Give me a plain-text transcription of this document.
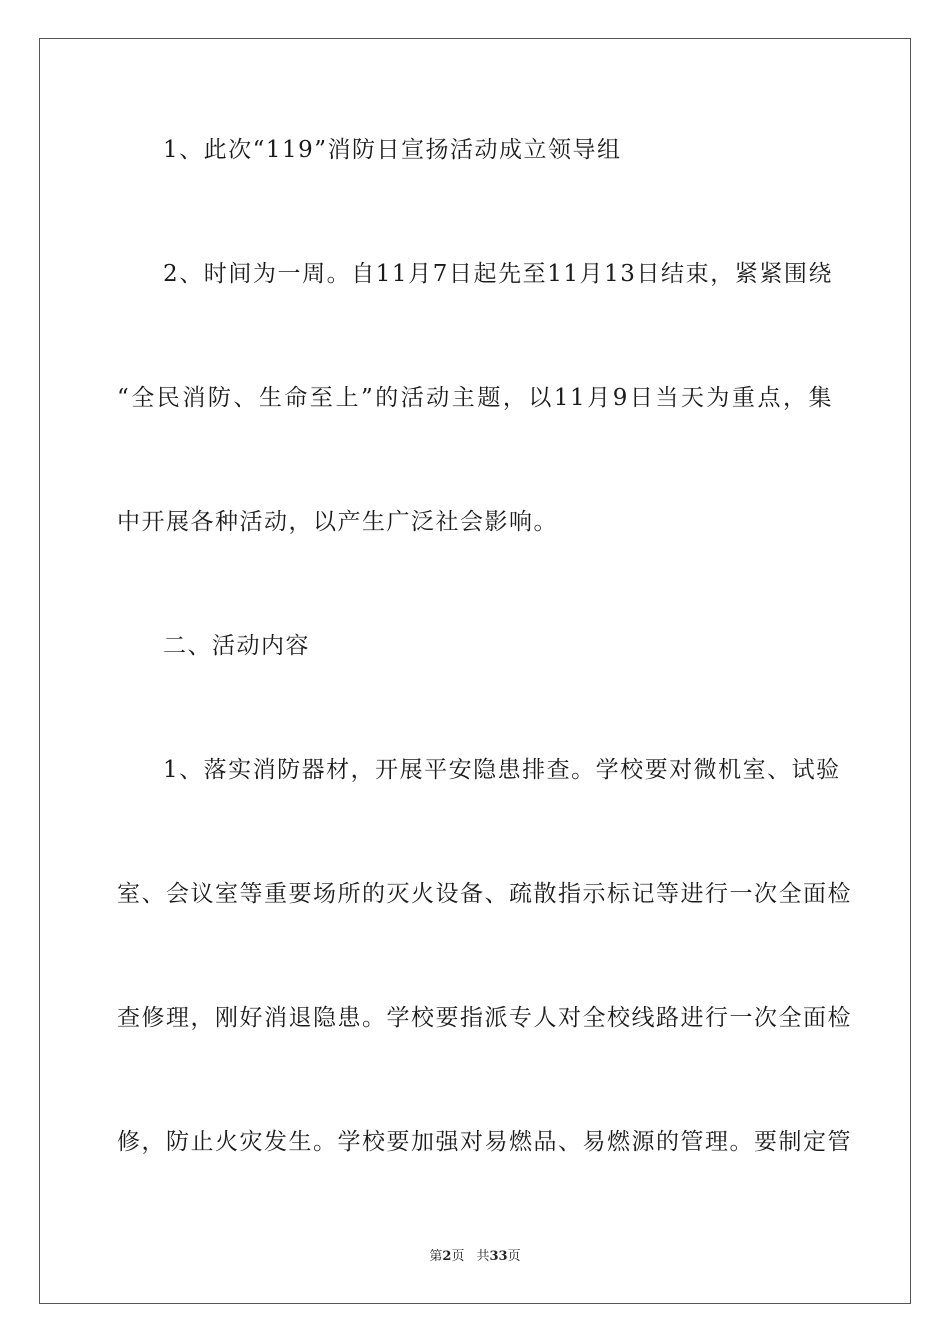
1、此次“119”消防日宣扬活动成立领导组
2、时间为一周。自11月7日起先至11月13日结束，紧紧围绕
“全民消防、生命至上”的活动主题，以11月9日当天为重点，集
中开展各种活动，以产生广泛社会影响。
二、活动内容
1、落实消防器材，开展平安隐患排查。学校要对微机室、试验
室、会议室等重要场所的灭火设备、疏散指示标记等进行一次全面检
查修理，刚好消退隐患。学校要指派专人对全校线路进行一次全面检
修，防止火灾发生。学校要加强对易燃品、易燃源的管理。要制定管
第2页 共33页
